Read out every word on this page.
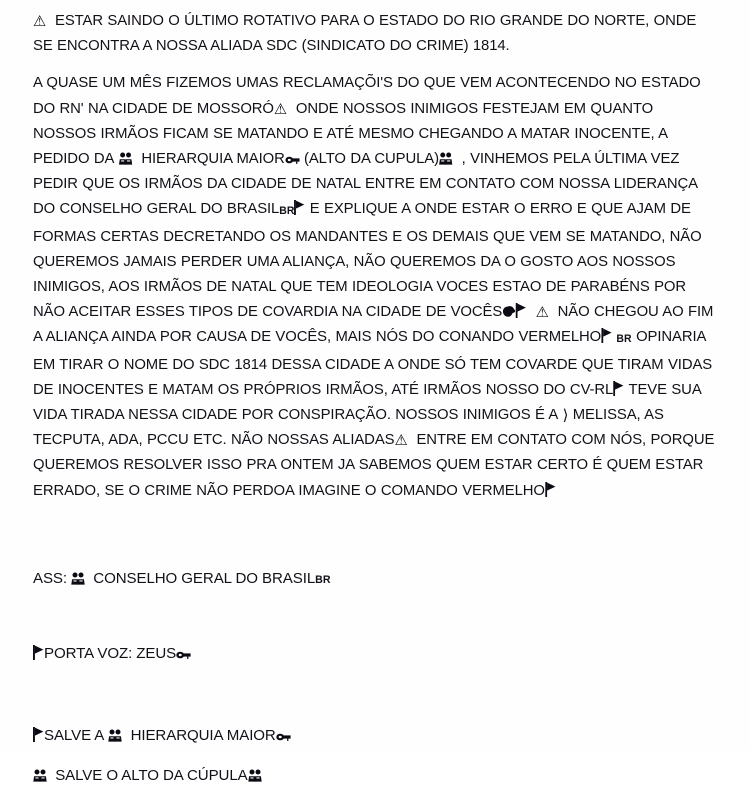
⚠ ESTAR SAINDO O ÚLTIMO ROTATIVO PARA O ESTADO DO RIO GRANDE DO NORTE, ONDE SE ENCONTRA A NOSSA ALIADA SDC (SINDICATO DO CRIME) 1814.

A QUASE UM MÊS FIZEMOS UMAS RECLAMAÇÕI'S DO QUE VEM ACONTECENDO NO ESTADO DO RN' NA CIDADE DE MOSSORÓ⚠ ONDE NOSSOS INIMIGOS FESTEJAM EM QUANTO NOSSOS IRMÃOS FICAM SE MATANDO E ATÉ MESMO CHEGANDO A MATAR INOCENTE, A PEDIDO DA HIERARQUIA MAIOR (ALTO DA CUPULA) , VINHEMOS PELA ÚLTIMA VEZ PEDIR QUE OS IRMÃOS DA CIDADE DE NATAL ENTRE EM CONTATO COM NOSSA LIDERANÇA DO CONSELHO GERAL DO BRASILBR E EXPLIQUE A ONDE ESTAR O ERRO E QUE AJAM DE FORMAS CERTAS DECRETANDO OS MANDANTES E OS DEMAIS QUE VEM SE MATANDO, NÃO QUEREMOS JAMAIS PERDER UMA ALIANÇA, NÃO QUEREMOS DA O GOSTO AOS NOSSOS INIMIGOS, AOS IRMÃOS DE NATAL QUE TEM IDEOLOGIA VOCES ESTAO DE PARABÉNS POR NÃO ACEITAR ESSES TIPOS DE COVARDIA NA CIDADE DE VOCÊS ⚠ NÃO CHEGOU AO FIM A ALIANÇA AINDA POR CAUSA DE VOCÊS, MAIS NÓS DO CONANDO VERMELHO BR OPINARIA EM TIRAR O NOME DO SDC 1814 DESSA CIDADE A ONDE SÓ TEM COVARDE QUE TIRAM VIDAS DE INOCENTES E MATAM OS PRÓPRIOS IRMÃOS, ATÉ IRMÃOS NOSSO DO CV-RL TEVE SUA VIDA TIRADA NESSA CIDADE POR CONSPIRAÇÃO. NOSSOS INIMIGOS É A ⟩ MELISSA, AS TECPUTA, ADA, PCCU ETC. NÃO NOSSAS ALIADAS⚠ ENTRE EM CONTATO COM NÓS, PORQUE QUEREMOS RESOLVER ISSO PRA ONTEM JA SABEMOS QUEM ESTAR CERTO É QUEM ESTAR ERRADO, SE O CRIME NÃO PERDOA IMAGINE O COMANDO VERMELHO

ASS: CONSELHO GERAL DO BRASILBR

PORTA VOZ: ZEUS

SALVE A HIERARQUIA MAIOR

SALVE O ALTO DA CÚPULA
